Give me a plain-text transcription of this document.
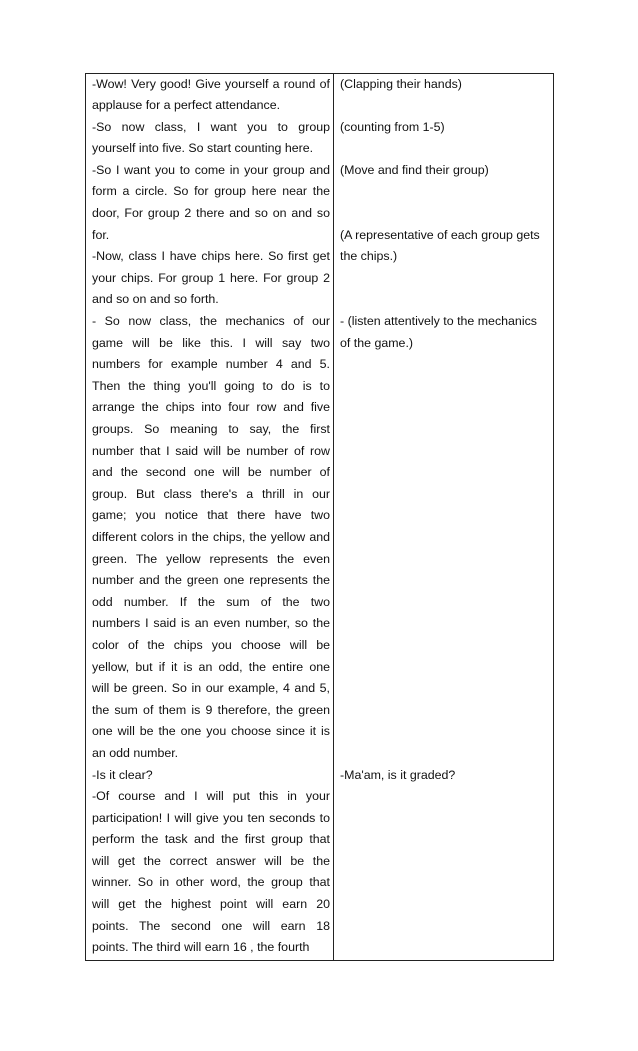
-Wow! Very good! Give yourself a round of
applause for a perfect attendance.
-So now class, I want you to group
yourself into five. So start counting here.
-So I want you to come in your group and
form a circle. So for group here near the
door, For group 2 there and so on and so
for.
-Now, class I have chips here. So first get
your chips. For group 1 here. For group 2
and so on and so forth.
- So now class, the mechanics of our
game will be like this. I will say two
numbers for example number 4 and 5.
Then the thing you'll going to do is to
arrange the chips into four row and five
groups. So meaning to say, the first
number that I said will be number of row
and the second one will be number of
group. But class there's a thrill in our
game; you notice that there have two
different colors in the chips, the yellow and
green. The yellow represents the even
number and the green one represents the
odd number. If the sum of the two
numbers I said is an even number, so the
color of the chips you choose will be
yellow, but if it is an odd, the entire one
will be green. So in our example, 4 and 5,
the sum of them is 9 therefore, the green
one will be the one you choose since it is
an odd number.
-Is it clear?
-Of course and I will put this in your
participation! I will give you ten seconds to
perform the task and the first group that
will get the correct answer will be the
winner. So in other word, the group that
will get the highest point will earn 20
points. The second one will earn 18
points. The third will earn 16 , the fourth
(Clapping their hands)
(counting from 1-5)
(Move and find their group)
(A representative of each group gets
the chips.)
- (listen attentively to the mechanics
of the game.)
-Ma'am, is it graded?
